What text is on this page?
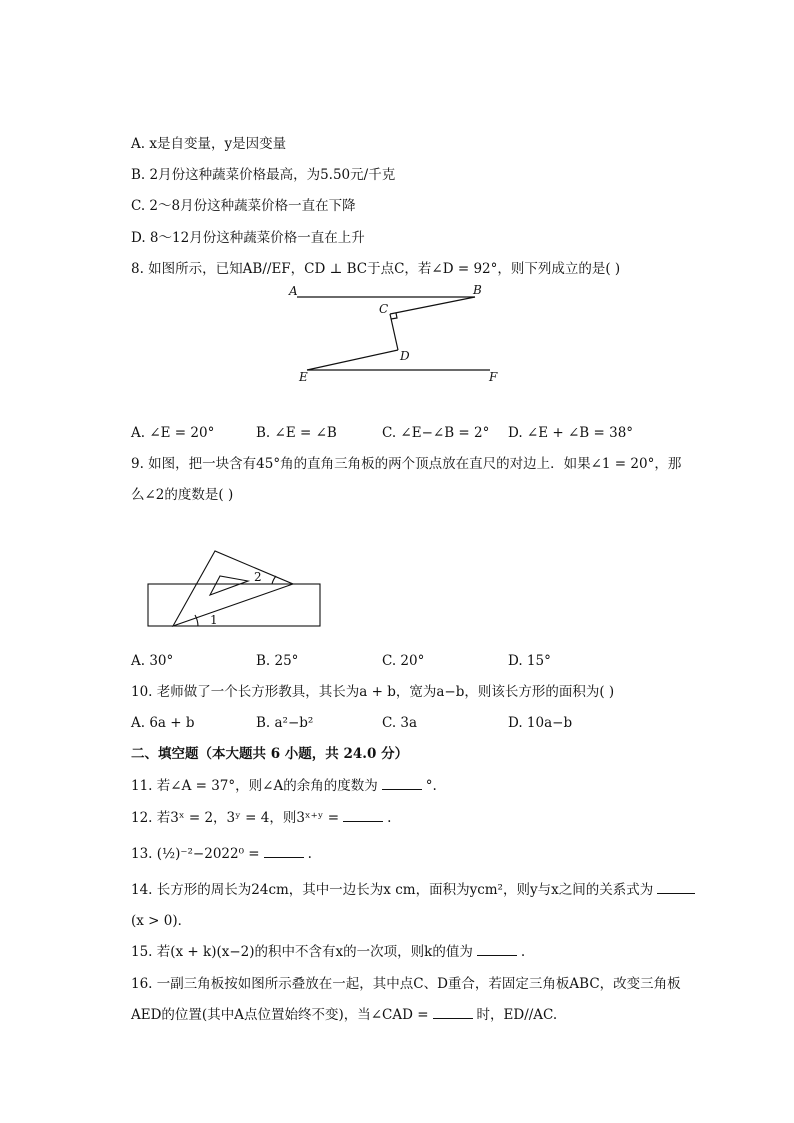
A. x是自变量，y是因变量
B. 2月份这种蔬菜价格最高，为5.50元/千克
C. 2～8月份这种蔬菜价格一直在下降
D. 8～12月份这种蔬菜价格一直在上升
8. 如图所示，已知AB//EF，CD ⊥ BC于点C，若∠D = 92°，则下列成立的是( )
A	B
C
D
E	F
A. ∠E = 20°	B. ∠E = ∠B	C. ∠E−∠B = 2° D. ∠E + ∠B = 38°
9. 如图，把一块含有45°角的直角三角板的两个顶点放在直尺的对边上．如果∠1 = 20°，那
么∠2的度数是( )
1
2
A. 30°	B. 25°	C. 20°	D. 15°
10. 老师做了一个长方形教具，其长为a + b，宽为a−b，则该长方形的面积为( )
A. 6a + b	B. a²−b²	C. 3a	D. 10a−b
二、填空题（本大题共 6 小题，共 24.0 分）
11. 若∠A = 37°，则∠A的余角的度数为	°.
12. 若3ˣ = 2，3ʸ = 4，则3ˣ⁺ʸ =	.
13. (½)⁻²−2022⁰ =	.
14. 长方形的周长为24cm，其中一边长为x cm，面积为ycm²，则y与x之间的关系式为
(x > 0)．
15. 若(x + k)(x−2)的积中不含有x的一次项，则k的值为	.
16. 一副三角板按如图所示叠放在一起，其中点C、D重合，若固定三角板ABC，改变三角板
AED的位置(其中A点位置始终不变)，当∠CAD =	时，ED//AC.
